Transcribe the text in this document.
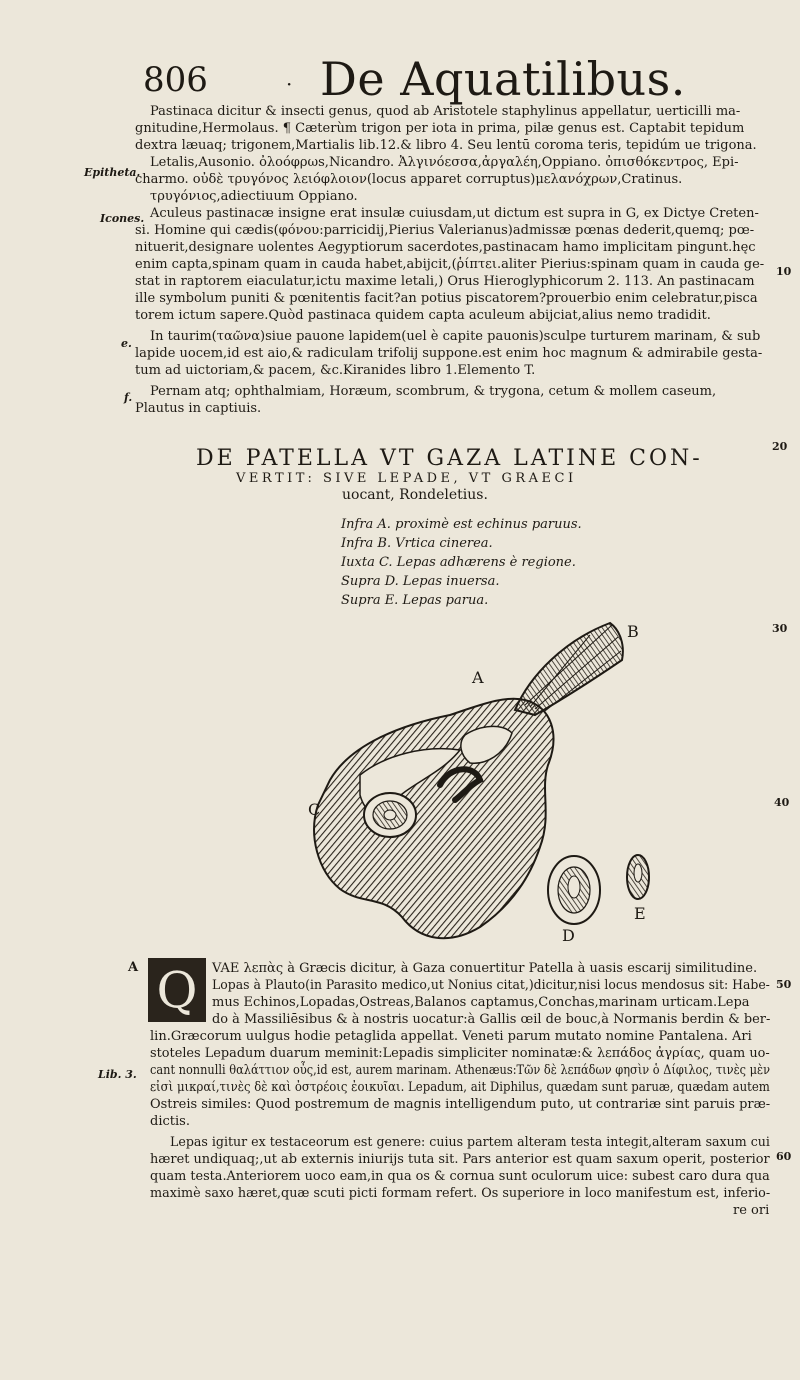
806	· De Aquatilibus.
Pastinaca dicitur & insecti genus, quod ab Aristotele staphylinus appellatur, uerticilli ma-
gnitudine,Hermolaus. ¶ Cæterùm trigon per iota in prima, pilæ genus est. Captabit tepidum
dextra læuaq; trigonem,Martialis lib.12.& libro 4. Seu lentū coroma teris, tepidúm ue trigona.
Letalis,Ausonio. ὀλοόφρωs,Nicandro. Ἀλγινόεσσα,ἀργαλέη,Oppiano. ὀπισθόκεντρος, Epi-
charmo. οὐδὲ τρυγόνος λειόφλοιον(locus apparet corruptus)μελανόχρων,Cratinus.
τρυγόνιος,adiectiuum Oppiano.
Aculeus pastinacæ insigne erat insulæ cuiusdam,ut dictum est supra in G, ex Dictye Creten-
si. Homine qui cædis(φόνου:parricidij,Pierius Valerianus)admissæ pœnas dederit,quemq; pœ-
nituerit,designare uolentes Aegyptiorum sacerdotes,pastinacam hamo implicitam pingunt.hęc
enim capta,spinam quam in cauda habet,abijcit,(ῥίπτει.aliter Pierius:spinam quam in cauda ge-
stat in raptorem eiaculatur,ictu maxime letali,) Orus Hieroglyphicorum 2. 113. An pastinacam
ille symbolum puniti & pœnitentis facit?an potius piscatorem?prouerbio enim celebratur,pisca
torem ictum sapere.Quòd pastinaca quidem capta aculeum abijciat,alius nemo tradidit.
In taurim(ταῶνα)siue pauone lapidem(uel è capite pauonis)sculpe turturem marinam, & sub
lapide uocem,id est aio,& radiculam trifolij suppone.est enim hoc magnum & admirabile gesta-
tum ad uictoriam,& pacem, &c.Kiranides libro 1.Elemento T.
Pernam atq; ophthalmiam, Horæum, scombrum, & trygona, cetum & mollem caseum,
Plautus in captiuis.
Epitheta.
Icones.
e.
f.
A
Lib. 3.
10
20
30
40
50
60
DE PATELLA VT GAZA LATINE CON-
VERTIT: SIVE LEPADE, VT GRAECI
uocant, Rondeletius.
Infra A. proximè est echinus paruus.
Infra B. Vrtica cinerea.
Iuxta C. Lepas adhærens è regione.
Supra D. Lepas inuersa.
Supra E. Lepas parua.
A
B
C
D
E
Q	VAE λεπὰς à Græcis dicitur, à Gaza conuertitur Patella à uasis escarij similitudine.
Lopas à Plauto(in Parasito medico,ut Nonius citat,)dicitur,nisi locus mendosus sit: Habe-
mus Echinos,Lopadas,Ostreas,Balanos captamus,Conchas,marinam urticam.Lepa
do à Massiliēsibus & à nostris uocatur:à Gallis œil de bouc,à Normanis berdin & ber-
lin.Græcorum uulgus hodie petaglida appellat. Veneti parum mutato nomine Pantalena. Ari
stoteles Lepadum duarum meminit:Lepadis simpliciter nominatæ:& λεπάδος ἀγρίας, quam uo-
cant nonnulli θαλάττιον οὖς,id est, aurem marinam. Athenæus:Τῶν δὲ λεπάδων φησὶν ὁ Δίφιλος, τινὲς μὲν
εἰσὶ μικραί,τινὲς δὲ καὶ ὀστρέοις ἐοικυῖαι. Lepadum, ait Diphilus, quædam sunt paruæ, quædam autem
Ostreis similes: Quod postremum de magnis intelligendum puto, ut contrariæ sint paruis præ-
dictis.
Lepas igitur ex testaceorum est genere: cuius partem alteram testa integit,alteram saxum cui
hæret undiquaq;,ut ab externis iniurijs tuta sit. Pars anterior est quam saxum operit, posterior
quam testa.Anteriorem uoco eam,in qua os & cornua sunt oculorum uice: subest caro dura qua
maximè saxo hæret,quæ scuti picti formam refert. Os superiore in loco manifestum est, inferio-
re ori
